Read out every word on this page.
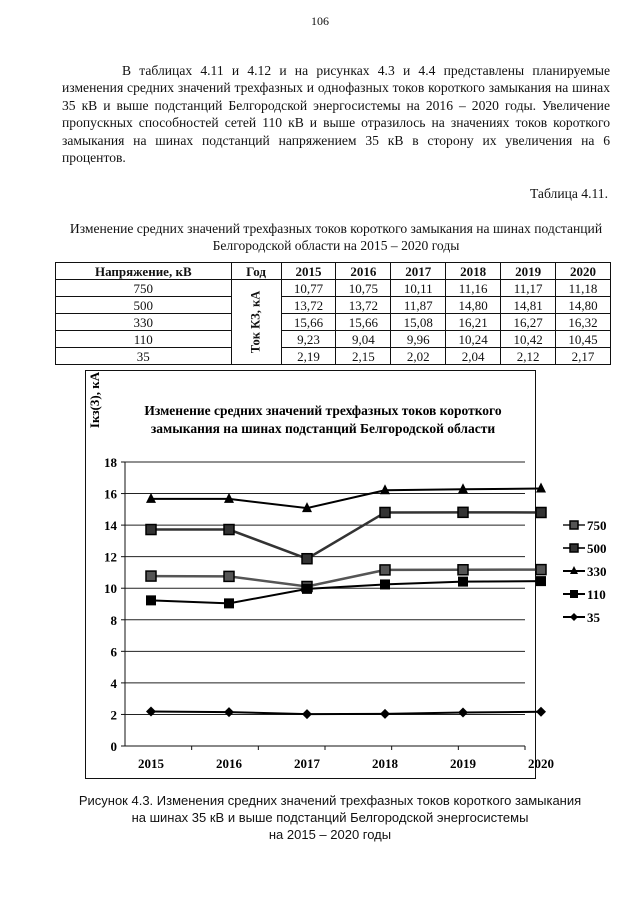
106

В таблицах 4.11 и 4.12 и на рисунках 4.3 и 4.4 представлены планируемые изменения средних значений трехфазных и однофазных токов короткого замыкания на шинах 35 кВ и выше подстанций Белгородской энергосистемы на 2016 – 2020 годы. Увеличение пропускных способностей сетей 110 кВ и выше отразилось на значениях токов короткого замыкания на шинах подстанций напряжением 35 кВ в сторону их увеличения на 6 процентов.

Таблица 4.11.
Изменение средних значений трехфазных токов короткого замыкания на шинах подстанций Белгородской области на 2015 – 2020 годы
Напряжение, кВ	Год	2015	2016	2017	2018	2019	2020
750	Ток КЗ, кА	10,77	10,75	10,11	11,16	11,17	11,18
500		13,72	13,72	11,87	14,80	14,81	14,80
330		15,66	15,66	15,08	16,21	16,27	16,32
110		9,23	9,04	9,96	10,24	10,42	10,45
35		2,19	2,15	2,02	2,04	2,12	2,17
Iкз(3), кА	Изменение средних значений трехфазных токов короткого
замыкания на шинах подстанций Белгородской области
0
2
4
6
8
10
12
14
16
18
2015	2016	2017	2018	2019	2020
750
500
330
110
35
Рисунок 4.3. Изменения средних значений трехфазных токов короткого замыкания
на шинах 35 кВ и выше подстанций Белгородской энергосистемы
на 2015 – 2020 годы
